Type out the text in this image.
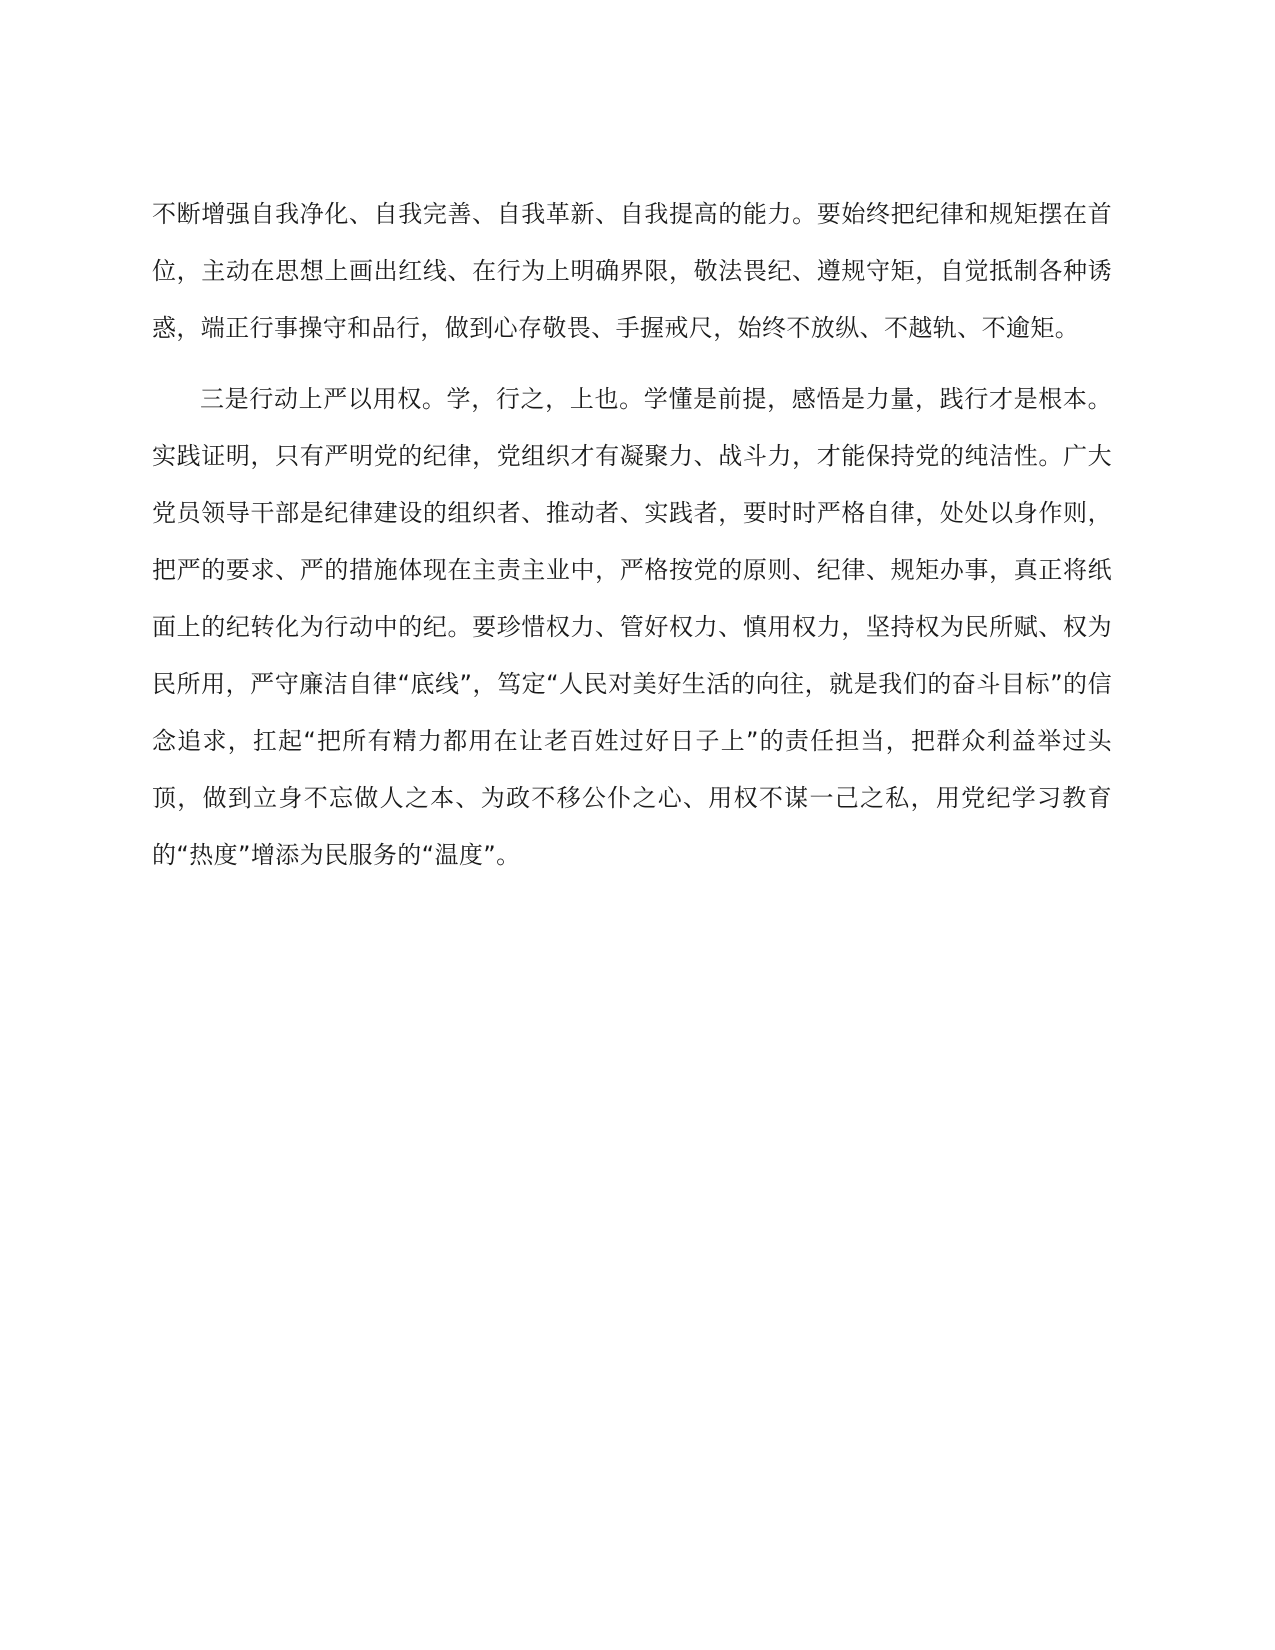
不断增强自我净化、自我完善、自我革新、自我提高的能力。要始终把纪律和规矩摆在首位，主动在思想上画出红线、在行为上明确界限，敬法畏纪、遵规守矩，自觉抵制各种诱惑，端正行事操守和品行，做到心存敬畏、手握戒尺，始终不放纵、不越轨、不逾矩。

三是行动上严以用权。学，行之，上也。学懂是前提，感悟是力量，践行才是根本。实践证明，只有严明党的纪律，党组织才有凝聚力、战斗力，才能保持党的纯洁性。广大党员领导干部是纪律建设的组织者、推动者、实践者，要时时严格自律，处处以身作则，把严的要求、严的措施体现在主责主业中，严格按党的原则、纪律、规矩办事，真正将纸面上的纪转化为行动中的纪。要珍惜权力、管好权力、慎用权力，坚持权为民所赋、权为民所用，严守廉洁自律“底线”，笃定“人民对美好生活的向往，就是我们的奋斗目标”的信念追求，扛起“把所有精力都用在让老百姓过好日子上”的责任担当，把群众利益举过头顶，做到立身不忘做人之本、为政不移公仆之心、用权不谋一己之私，用党纪学习教育的“热度”增添为民服务的“温度”。
